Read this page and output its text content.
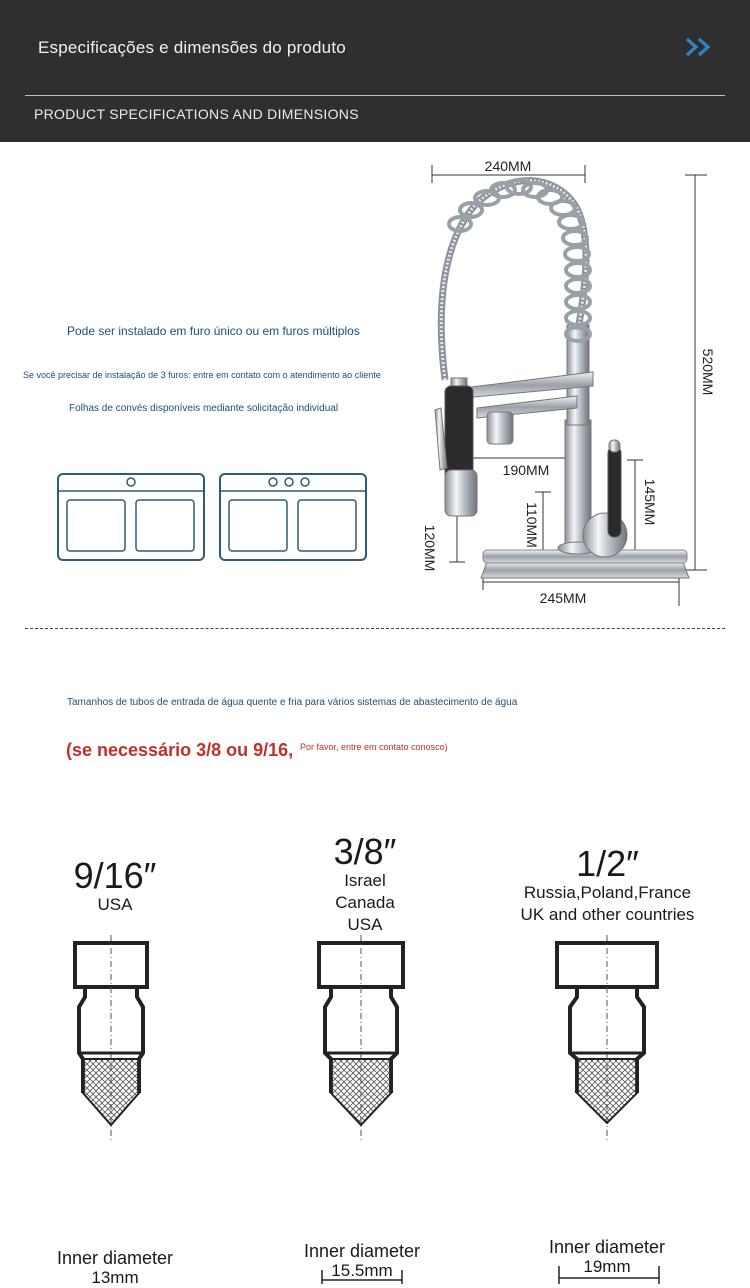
Especificações e dimensões do produto
PRODUCT SPECIFICATIONS AND DIMENSIONS
Pode ser instalado em furo único ou em furos múltiplos
Se você precisar de instalação de 3 furos: entre em contato com o atendimento ao cliente
Folhas de convés disponíveis mediante solicitação individual
240MM
520MM
190MM
145MM
110MM
120MM
245MM
Tamanhos de tubos de entrada de água quente e fria para vários sistemas de abastecimento de água
(se necessário 3/8 ou 9/16, Por favor, entre em contato conosco)
9/16″
USA
3/8″
Israel
Canada
USA
1/2″
Russia,Poland,France
UK and other countries
Inner diameter
13mm
Inner diameter
15.5mm
Inner diameter
19mm
